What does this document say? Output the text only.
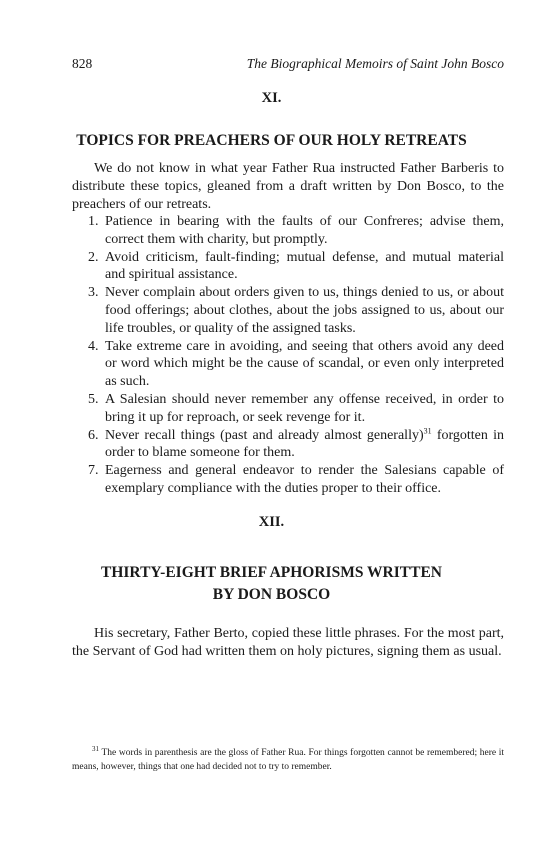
828	The Biographical Memoirs of Saint John Bosco
XI.
TOPICS FOR PREACHERS OF OUR HOLY RETREATS

We do not know in what year Father Rua instructed Father Barberis to distribute these topics, gleaned from a draft written by Don Bosco, to the preachers of our retreats.

1. Patience in bearing with the faults of our Confreres; advise them, correct them with charity, but promptly.
2. Avoid criticism, fault-finding; mutual defense, and mutual material and spiritual assistance.
3. Never complain about orders given to us, things denied to us, or about food offerings; about clothes, about the jobs assigned to us, about our life troubles, or quality of the assigned tasks.
4. Take extreme care in avoiding, and seeing that others avoid any deed or word which might be the cause of scandal, or even only interpreted as such.
5. A Salesian should never remember any offense received, in order to bring it up for reproach, or seek revenge for it.
6. Never recall things (past and already almost generally)$^{31}$ forgotten in order to blame someone for them.
7. Eagerness and general endeavor to render the Salesians capable of exemplary compliance with the duties proper to their office.
XII.
THIRTY-EIGHT BRIEF APHORISMS WRITTEN
BY DON BOSCO

His secretary, Father Berto, copied these little phrases. For the most part, the Servant of God had written them on holy pictures, signing them as usual.

$^{31}$ The words in parenthesis are the gloss of Father Rua. For things forgotten cannot be remembered; here it means, however, things that one had decided not to try to remember.
